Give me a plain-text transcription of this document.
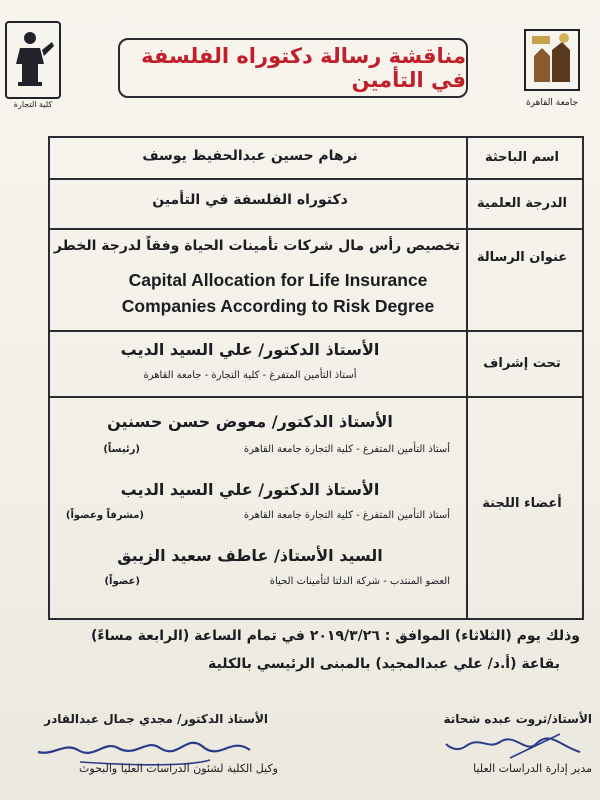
كلية التجارة
مناقشة رسالة دكتوراه الفلسفة في التأمين
جامعة القاهرة
اسم الباحثة
نرهام حسين عبدالحفيظ يوسف
الدرجة العلمية
دكتوراه الفلسفة في التأمين
عنوان الرسالة
تخصيص رأس مال شركات تأمينات الحياة وفقاً لدرجة الخطر
Capital Allocation for Life Insurance
Companies According to Risk Degree
تحت إشراف
الأستاذ الدكتور/ علي السيد الديب
أستاذ التأمين المتفرغ - كلية التجارة - جامعة القاهرة
أعضاء اللجنة
الأستاذ الدكتور/ معوض حسن حسنين
أستاذ التأمين المتفرغ - كلية التجارة جامعة القاهرة
(رئيساً)
الأستاذ الدكتور/ علي السيد الديب
أستاذ التأمين المتفرغ - كلية التجارة جامعة القاهرة
(مشرفاً وعضواً)
السيد الأستاذ/ عاطف سعيد الزيبق
العضو المنتدب - شركة الدلتا لتأمينات الحياة
(عضواً)
وذلك يوم (الثلاثاء) الموافق : ٢٠١٩/٣/٢٦ في تمام الساعة (الرابعة مساءً)
بقاعة (أ.د/ علي عبدالمجيد) بالمبنى الرئيسي بالكلية
الأستاذ الدكتور/ مجدي جمال عبدالقادر
وكيل الكلية لشئون الدراسات العليا والبحوث
الأستاذ/ثروت عبده شحاتة
مدير إدارة الدراسات العليا
